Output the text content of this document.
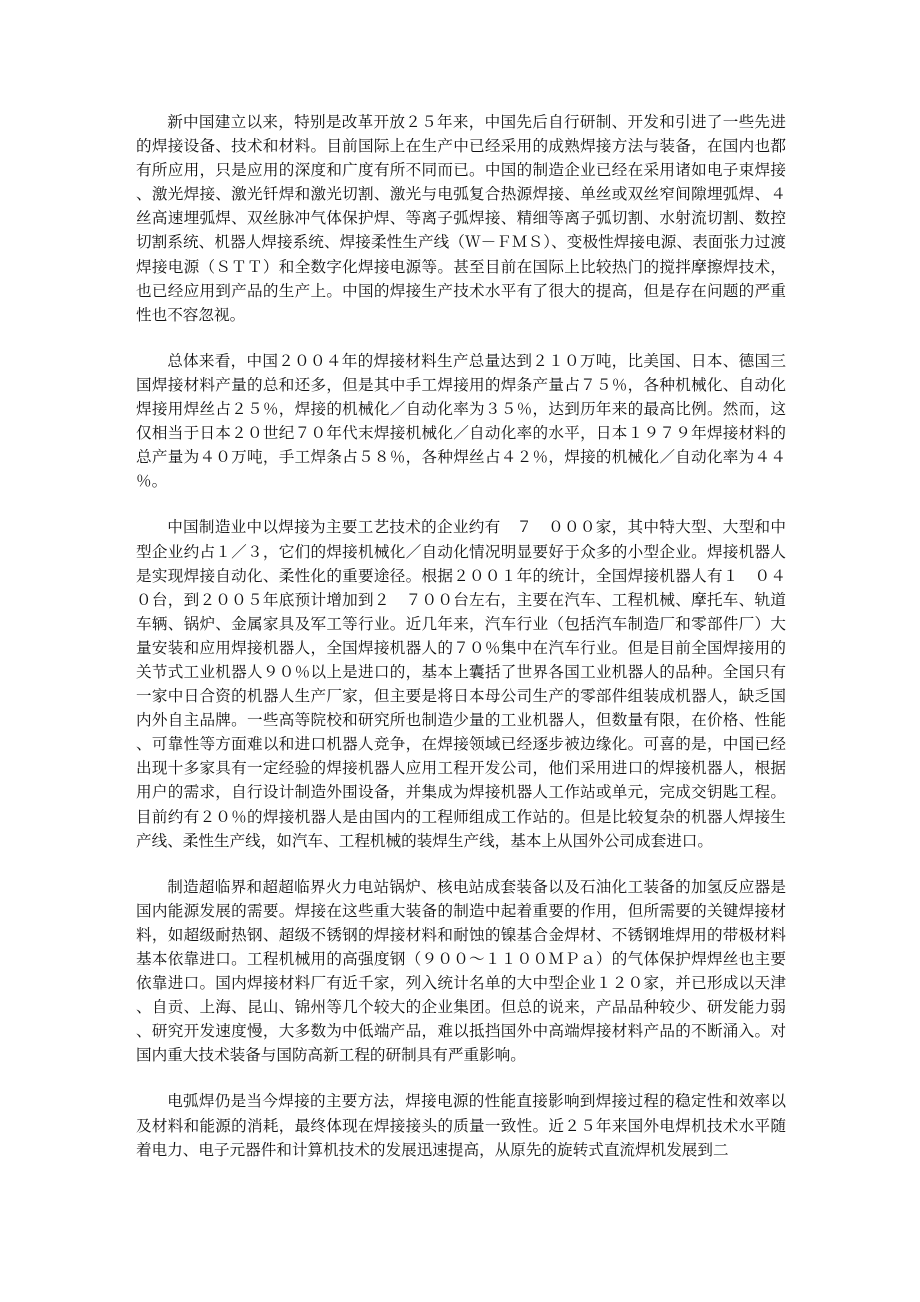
新中国建立以来，特别是改革开放２５年来，中国先后自行研制、开发和引进了一些先进的焊接设备、技术和材料。目前国际上在生产中已经采用的成熟焊接方法与装备，在国内也都有所应用，只是应用的深度和广度有所不同而已。中国的制造企业已经在采用诸如电子束焊接、激光焊接、激光钎焊和激光切割、激光与电弧复合热源焊接、单丝或双丝窄间隙埋弧焊、４丝高速埋弧焊、双丝脉冲气体保护焊、等离子弧焊接、精细等离子弧切割、水射流切割、数控切割系统、机器人焊接系统、焊接柔性生产线（Ｗ－ＦＭＳ）、变极性焊接电源、表面张力过渡焊接电源（ＳＴＴ）和全数字化焊接电源等。甚至目前在国际上比较热门的搅拌摩擦焊技术，也已经应用到产品的生产上。中国的焊接生产技术水平有了很大的提高，但是存在问题的严重性也不容忽视。

总体来看，中国２００４年的焊接材料生产总量达到２１０万吨，比美国、日本、德国三国焊接材料产量的总和还多，但是其中手工焊接用的焊条产量占７５％，各种机械化、自动化焊接用焊丝占２５％，焊接的机械化／自动化率为３５％，达到历年来的最高比例。然而，这仅相当于日本２０世纪７０年代末焊接机械化／自动化率的水平，日本１９７９年焊接材料的总产量为４０万吨，手工焊条占５８％，各种焊丝占４２％，焊接的机械化／自动化率为４４％。

中国制造业中以焊接为主要工艺技术的企业约有　７　０００家，其中特大型、大型和中型企业约占１／３，它们的焊接机械化／自动化情况明显要好于众多的小型企业。焊接机器人是实现焊接自动化、柔性化的重要途径。根据２００１年的统计，全国焊接机器人有１　０４０台，到２００５年底预计增加到２　７００台左右，主要在汽车、工程机械、摩托车、轨道车辆、锅炉、金属家具及军工等行业。近几年来，汽车行业（包括汽车制造厂和零部件厂）大量安装和应用焊接机器人，全国焊接机器人的７０％集中在汽车行业。但是目前全国焊接用的关节式工业机器人９０％以上是进口的，基本上囊括了世界各国工业机器人的品种。全国只有一家中日合资的机器人生产厂家，但主要是将日本母公司生产的零部件组装成机器人，缺乏国内外自主品牌。一些高等院校和研究所也制造少量的工业机器人，但数量有限，在价格、性能、可靠性等方面难以和进口机器人竞争，在焊接领域已经逐步被边缘化。可喜的是，中国已经出现十多家具有一定经验的焊接机器人应用工程开发公司，他们采用进口的焊接机器人，根据用户的需求，自行设计制造外围设备，并集成为焊接机器人工作站或单元，完成交钥匙工程。目前约有２０％的焊接机器人是由国内的工程师组成工作站的。但是比较复杂的机器人焊接生产线、柔性生产线，如汽车、工程机械的装焊生产线，基本上从国外公司成套进口。

制造超临界和超超临界火力电站锅炉、核电站成套装备以及石油化工装备的加氢反应器是国内能源发展的需要。焊接在这些重大装备的制造中起着重要的作用，但所需要的关键焊接材料，如超级耐热钢、超级不锈钢的焊接材料和耐蚀的镍基合金焊材、不锈钢堆焊用的带极材料基本依靠进口。工程机械用的高强度钢（９００～１１００ＭＰａ）的气体保护焊焊丝也主要依靠进口。国内焊接材料厂有近千家，列入统计名单的大中型企业１２０家，并已形成以天津、自贡、上海、昆山、锦州等几个较大的企业集团。但总的说来，产品品种较少、研发能力弱、研究开发速度慢，大多数为中低端产品，难以抵挡国外中高端焊接材料产品的不断涌入。对国内重大技术装备与国防高新工程的研制具有严重影响。

电弧焊仍是当今焊接的主要方法，焊接电源的性能直接影响到焊接过程的稳定性和效率以及材料和能源的消耗，最终体现在焊接接头的质量一致性。近２５年来国外电焊机技术水平随着电力、电子元器件和计算机技术的发展迅速提高，从原先的旋转式直流焊机发展到二
